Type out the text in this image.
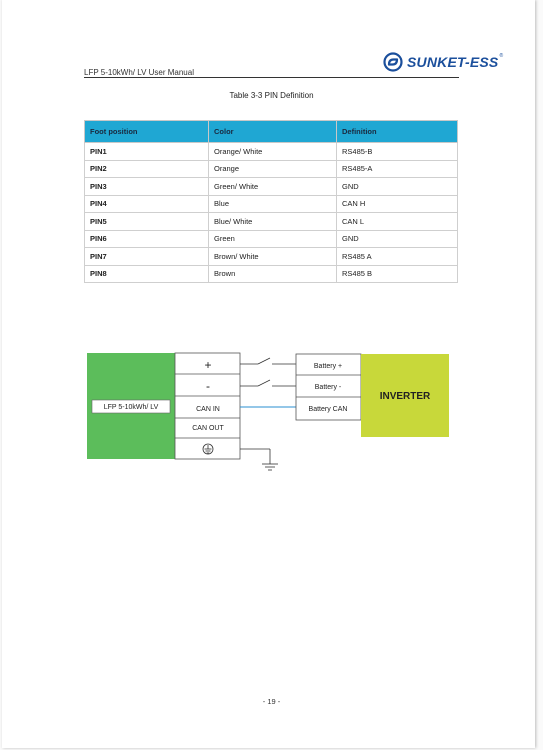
LFP 5-10kWh/ LV User Manual
SUNKET-ESS ®
Table 3-3 PIN Definition
Foot position	Color	Definition
PIN1	Orange/ White	RS485-B
PIN2	Orange	RS485-A
PIN3	Green/ White	GND
PIN4	Blue	CAN H
PIN5	Blue/ White	CAN L
PIN6	Green	GND
PIN7	Brown/ White	RS485 A
PIN8	Brown	RS485 B
LFP 5-10kWh/ LV
+
-
CAN IN
CAN OUT
Battery +
Battery -
Battery CAN
INVERTER
- 19 -
